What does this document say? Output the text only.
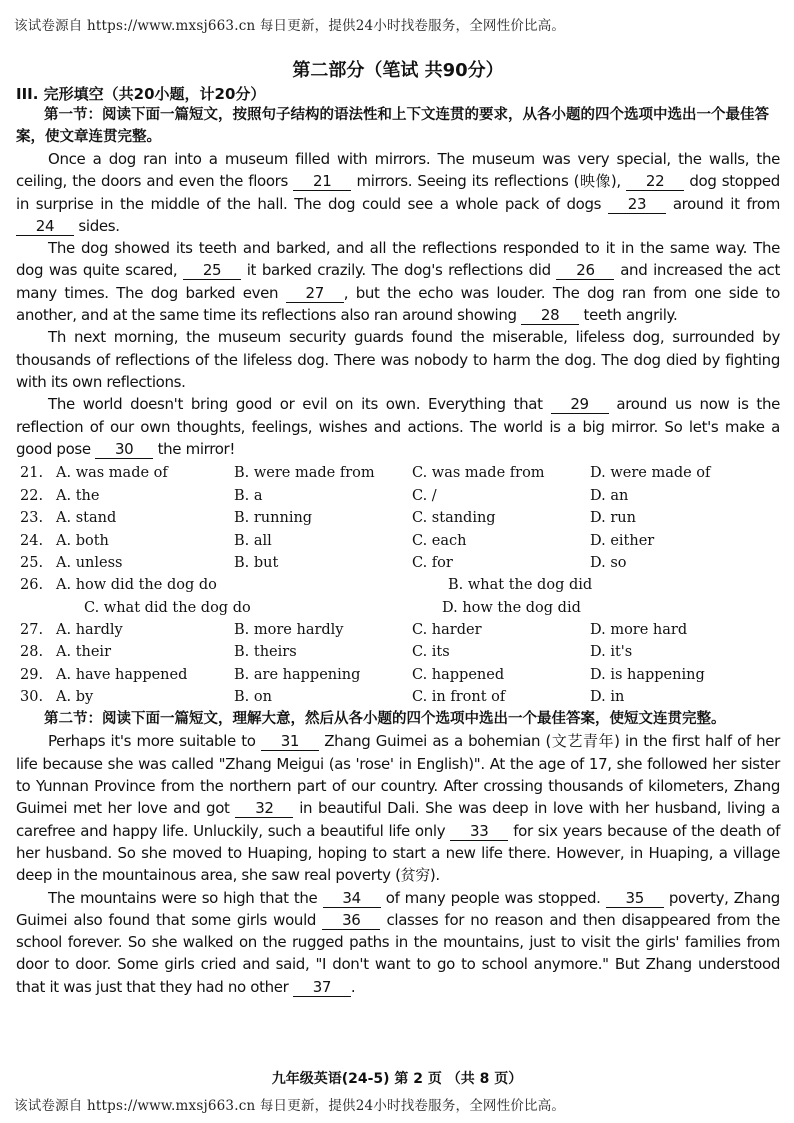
该试卷源自 https://www.mxsj663.cn 每日更新，提供24小时找卷服务，全网性价比高。
第二部分（笔试 共90分）
III. 完形填空（共20小题，计20分）
第一节：阅读下面一篇短文，按照句子结构的语法性和上下文连贯的要求，从各小题的四个选项中选出一个最佳答案，使文章连贯完整。

Once a dog ran into a museum filled with mirrors. The museum was very special, the walls, the ceiling, the doors and even the floors 21 mirrors. Seeing its reflections (映像), 22 dog stopped in surprise in the middle of the hall. The dog could see a whole pack of dogs 23 around it from 24 sides.

The dog showed its teeth and barked, and all the reflections responded to it in the same way. The dog was quite scared, 25 it barked crazily. The dog's reflections did 26 and increased the act many times. The dog barked even 27 , but the echo was louder. The dog ran from one side to another, and at the same time its reflections also ran around showing 28 teeth angrily.

Th next morning, the museum security guards found the miserable, lifeless dog, surrounded by thousands of reflections of the lifeless dog. There was nobody to harm the dog. The dog died by fighting with its own reflections.

The world doesn't bring good or evil on its own. Everything that 29 around us now is the reflection of our own thoughts, feelings, wishes and actions. The world is a big mirror. So let's make a good pose 30 the mirror!

21. A. was made of	B. were made from	C. was made from	D. were made of
22. A. the	B. a	C. /	D. an
23. A. stand	B. running	C. standing	D. run
24. A. both	B. all	C. each	D. either
25. A. unless	B. but	C. for	D. so
26. A. how did the dog do	B. what the dog did
C. what did the dog do	D. how the dog did
27. A. hardly	B. more hardly	C. harder	D. more hard
28. A. their	B. theirs	C. its	D. it's
29. A. have happened	B. are happening	C. happened	D. is happening
30. A. by	B. on	C. in front of	D. in
第二节：阅读下面一篇短文，理解大意，然后从各小题的四个选项中选出一个最佳答案，使短文连贯完整。

Perhaps it's more suitable to 31 Zhang Guimei as a bohemian (文艺青年) in the first half of her life because she was called "Zhang Meigui (as 'rose' in English)". At the age of 17, she followed her sister to Yunnan Province from the northern part of our country. After crossing thousands of kilometers, Zhang Guimei met her love and got 32 in beautiful Dali. She was deep in love with her husband, living a carefree and happy life. Unluckily, such a beautiful life only 33 for six years because of the death of her husband. So she moved to Huaping, hoping to start a new life there. However, in Huaping, a village deep in the mountainous area, she saw real poverty (贫穷).

The mountains were so high that the 34 of many people was stopped. 35 poverty, Zhang Guimei also found that some girls would 36 classes for no reason and then disappeared from the school forever. So she walked on the rugged paths in the mountains, just to visit the girls' families from door to door. Some girls cried and said, "I don't want to go to school anymore." But Zhang understood that it was just that they had no other 37 .

九年级英语(24-5) 第 2 页 （共 8 页）
该试卷源自 https://www.mxsj663.cn 每日更新，提供24小时找卷服务，全网性价比高。
